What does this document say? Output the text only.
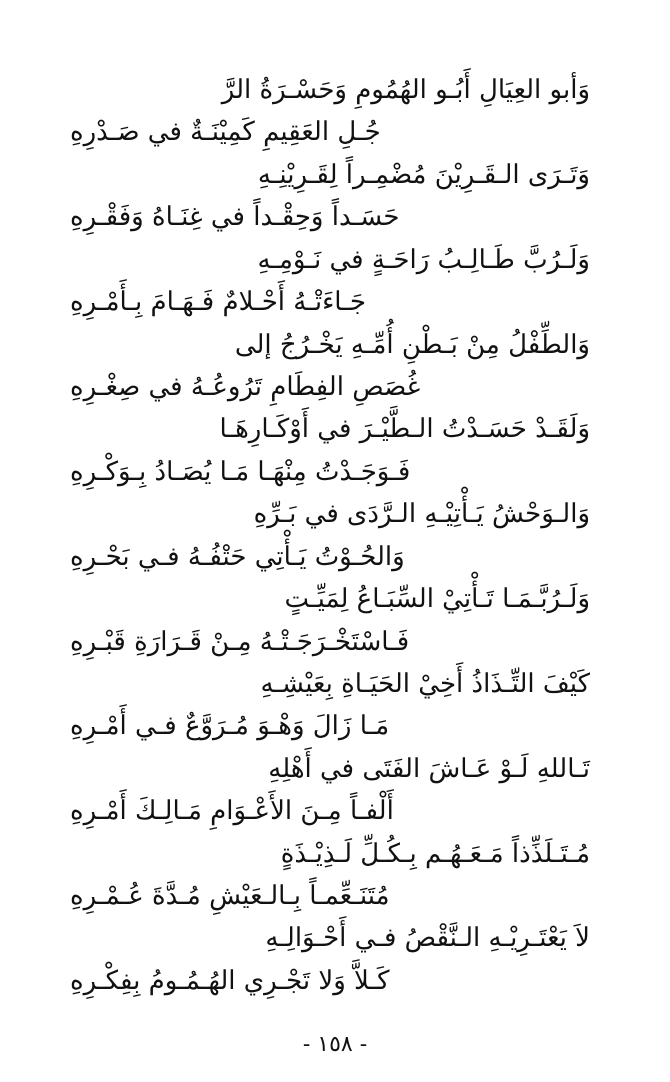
وَأبو العِيَالِ أَبُـو الهُمُومِ وَحَسْـرَةُ الرَّ
جُـلِ العَقِيمِ كَمِيْنَـةٌ في صَـدْرِهِ
وَتَـرَى الـقَـرِيْنَ مُضْمِـراً لِقَـرِيْنِـهِ
حَسَـداً وَحِقْـداً في غِنَـاهُ وَفَقْـرِهِ
وَلَـرُبَّ طَـالِـبُ رَاحَـةٍ في نَـوْمِـهِ
جَـاءَتْـهُ أَحْـلامٌ فَـهَـامَ بِـأَمْـرِهِ
وَالطِّفْلُ مِنْ بَـطْنِ أُمِّـهِ يَخْـرُجُ إلى
غُصَصِ الفِطَامِ تَرُوعُـهُ في صِغْـرِهِ
وَلَقَـدْ حَسَـدْتُ الـطَّيْـرَ في أَوْكَـارِهَـا
فَـوَجَـدْتُ مِنْهَـا مَـا يُصَـادُ بِـوَكْـرِهِ
وَالـوَحْشُ يَـأْتِيْـهِ الـرَّدَى في بَـرِّهِ
وَالحُـوْتُ يَـأْتِي حَتْفُـهُ فـي بَحْـرِهِ
وَلَـرُبَّـمَـا تَـأْتِيْ السِّبَـاعُ لِمَيِّـتٍ
فَـاسْتَخْـرَجَـتْـهُ مِـنْ قَـرَارَةِ قَبْـرِهِ
كَيْفَ التِّـذَاذُ أَخِيْ الحَيَـاةِ بِعَيْشِـهِ
مَـا زَالَ وَهْـوَ مُـرَوَّعٌ فـي أَمْـرِهِ
تَـاللهِ لَـوْ عَـاشَ الفَتَى في أَهْلِهِ
أَلْفـاً مِـنَ الأَعْـوَامِ مَـالِـكَ أَمْـرِهِ
مُـتَـلَذِّذاً مَـعَـهُـم بِـكُـلِّ لَـذِيْـذَةٍ
مُتَنَـعِّمـاً بِـالـعَيْشِ مُـدَّةَ عُـمْـرِهِ
لاَ يَعْتَـرِيْـهِ الـنَّقْصُ فـي أَحْـوَالِـهِ
كَـلاَّ وَلا تَجْـرِي الهُـمُـومُ بِفِكْـرِهِ
- ١٥٨ -
